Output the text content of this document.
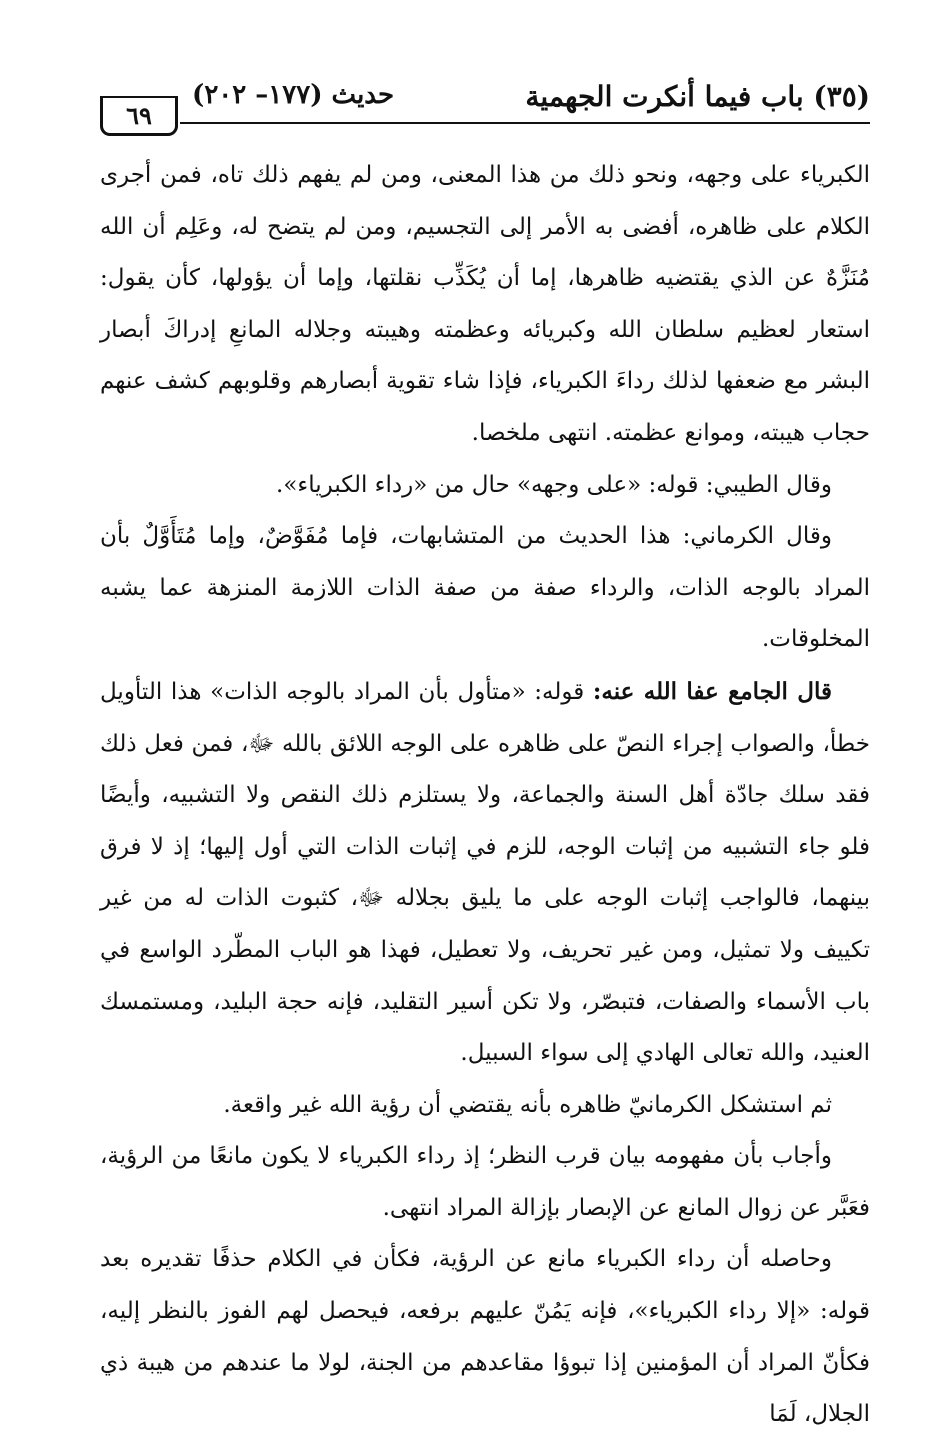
(٣٥) باب فيما أنكرت الجهمية
حديث (١٧٧– ٢٠٢)
٦٩

الكبرياء على وجهه، ونحو ذلك من هذا المعنى، ومن لم يفهم ذلك تاه، فمن أجرى الكلام على ظاهره، أفضى به الأمر إلى التجسيم، ومن لم يتضح له، وعَلِم أن الله مُنَزَّهٌ عن الذي يقتضيه ظاهرها، إما أن يُكَذِّب نقلتها، وإما أن يؤولها، كأن يقول: استعار لعظيم سلطان الله وكبريائه وعظمته وهيبته وجلاله المانعِ إدراكَ أبصار البشر مع ضعفها لذلك رداءَ الكبرياء، فإذا شاء تقوية أبصارهم وقلوبهم كشف عنهم حجاب هيبته، وموانع عظمته. انتهى ملخصا.

وقال الطيبي: قوله: «على وجهه» حال من «رداء الكبرياء».

وقال الكرماني: هذا الحديث من المتشابهات، فإما مُفَوَّضٌ، وإما مُتَأَوَّلٌ بأن المراد بالوجه الذات، والرداء صفة من صفة الذات اللازمة المنزهة عما يشبه المخلوقات.

قال الجامع عفا الله عنه: قوله: «متأول بأن المراد بالوجه الذات» هذا التأويل خطأ، والصواب إجراء النصّ على ظاهره على الوجه اللائق بالله ﷻ، فمن فعل ذلك فقد سلك جادّة أهل السنة والجماعة، ولا يستلزم ذلك النقص ولا التشبيه، وأيضًا فلو جاء التشبيه من إثبات الوجه، للزم في إثبات الذات التي أول إليها؛ إذ لا فرق بينهما، فالواجب إثبات الوجه على ما يليق بجلاله ﷻ، كثبوت الذات له من غير تكييف ولا تمثيل، ومن غير تحريف، ولا تعطيل، فهذا هو الباب المطّرد الواسع في باب الأسماء والصفات، فتبصّر، ولا تكن أسير التقليد، فإنه حجة البليد، ومستمسك العنيد، والله تعالى الهادي إلى سواء السبيل.

ثم استشكل الكرمانيّ ظاهره بأنه يقتضي أن رؤية الله غير واقعة.

وأجاب بأن مفهومه بيان قرب النظر؛ إذ رداء الكبرياء لا يكون مانعًا من الرؤية، فعَبَّر عن زوال المانع عن الإبصار بإزالة المراد انتهى.

وحاصله أن رداء الكبرياء مانع عن الرؤية، فكأن في الكلام حذفًا تقديره بعد قوله: «إلا رداء الكبرياء»، فإنه يَمُنّ عليهم برفعه، فيحصل لهم الفوز بالنظر إليه، فكأنّ المراد أن المؤمنين إذا تبوؤا مقاعدهم من الجنة، لولا ما عندهم من هيبة ذي الجلال، لَمَا
